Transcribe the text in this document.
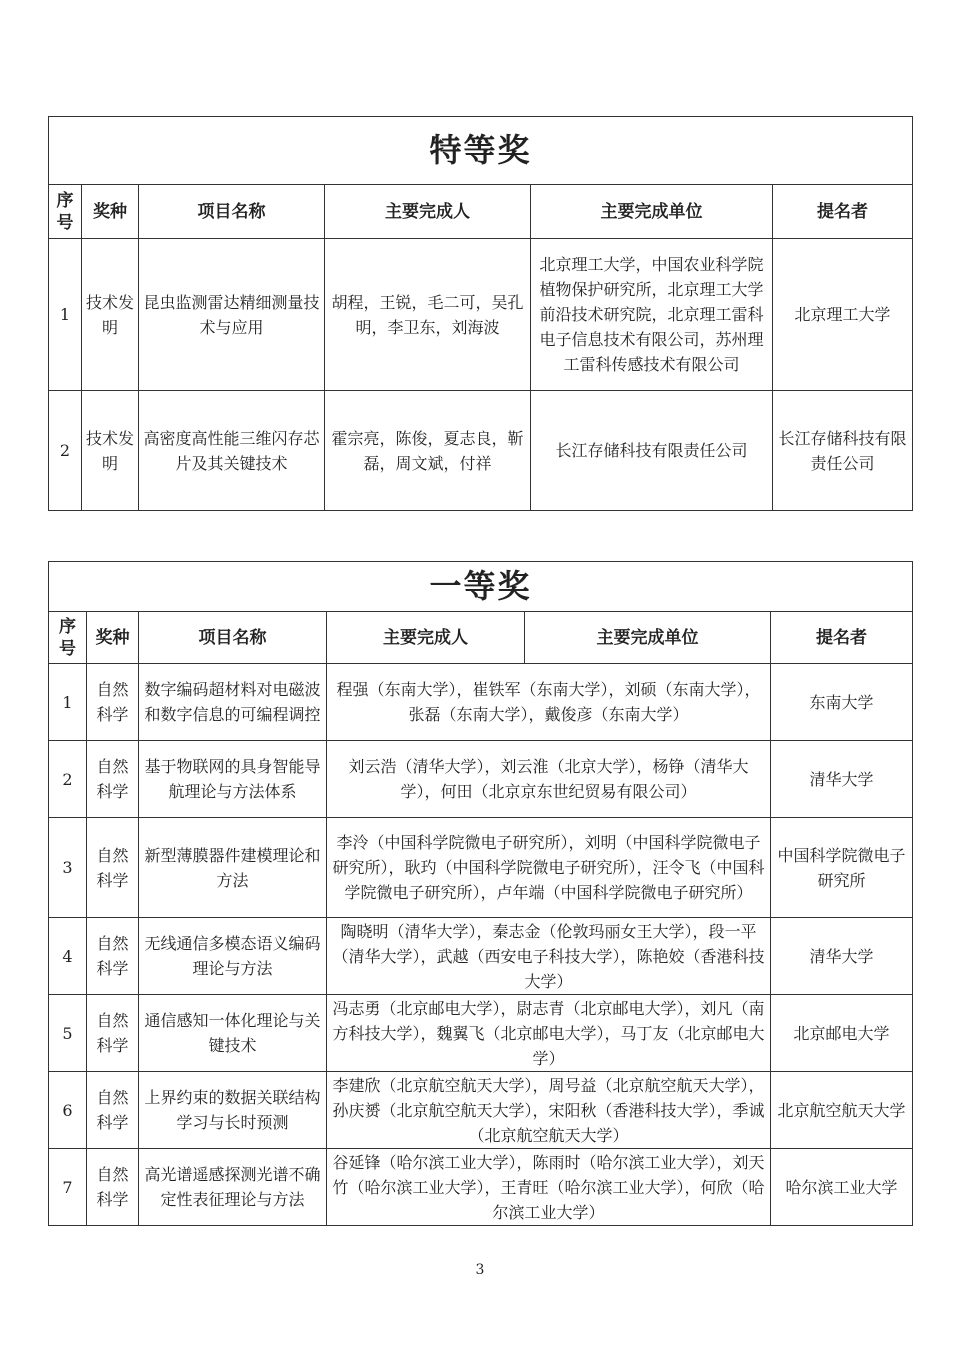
特等奖					
序号	奖种	项目名称	主要完成人	主要完成单位	提名者
1	技术发明	昆虫监测雷达精细测量技术与应用	胡程，王锐，毛二可，吴孔明，李卫东，刘海波	北京理工大学，中国农业科学院植物保护研究所，北京理工大学前沿技术研究院，北京理工雷科电子信息技术有限公司，苏州理工雷科传感技术有限公司	北京理工大学
2	技术发明	高密度高性能三维闪存芯片及其关键技术	霍宗亮，陈俊，夏志良，靳磊，周文斌，付祥	长江存储科技有限责任公司	长江存储科技有限责任公司
一等奖					
序号	奖种	项目名称	主要完成人	主要完成单位	提名者
1	自然科学	数字编码超材料对电磁波和数字信息的可编程调控	程强（东南大学），崔铁军（东南大学），刘硕（东南大学），张磊（东南大学），戴俊彦（东南大学）		东南大学
2	自然科学	基于物联网的具身智能导航理论与方法体系	刘云浩（清华大学），刘云淮（北京大学），杨铮（清华大学），何田（北京京东世纪贸易有限公司）		清华大学
3	自然科学	新型薄膜器件建模理论和方法	李泠（中国科学院微电子研究所），刘明（中国科学院微电子研究所），耿玓（中国科学院微电子研究所），汪令飞（中国科学院微电子研究所），卢年端（中国科学院微电子研究所）		中国科学院微电子研究所
4	自然科学	无线通信多模态语义编码理论与方法	陶晓明（清华大学），秦志金（伦敦玛丽女王大学），段一平（清华大学），武越（西安电子科技大学），陈艳姣（香港科技大学）		清华大学
5	自然科学	通信感知一体化理论与关键技术	冯志勇（北京邮电大学），尉志青（北京邮电大学），刘凡（南方科技大学），魏翼飞（北京邮电大学），马丁友（北京邮电大学）		北京邮电大学
6	自然科学	上界约束的数据关联结构学习与长时预测	李建欣（北京航空航天大学），周号益（北京航空航天大学），孙庆赟（北京航空航天大学），宋阳秋（香港科技大学），季诚（北京航空航天大学）		北京航空航天大学
7	自然科学	高光谱遥感探测光谱不确定性表征理论与方法	谷延锋（哈尔滨工业大学），陈雨时（哈尔滨工业大学），刘天竹（哈尔滨工业大学），王青旺（哈尔滨工业大学），何欣（哈尔滨工业大学）		哈尔滨工业大学
3
